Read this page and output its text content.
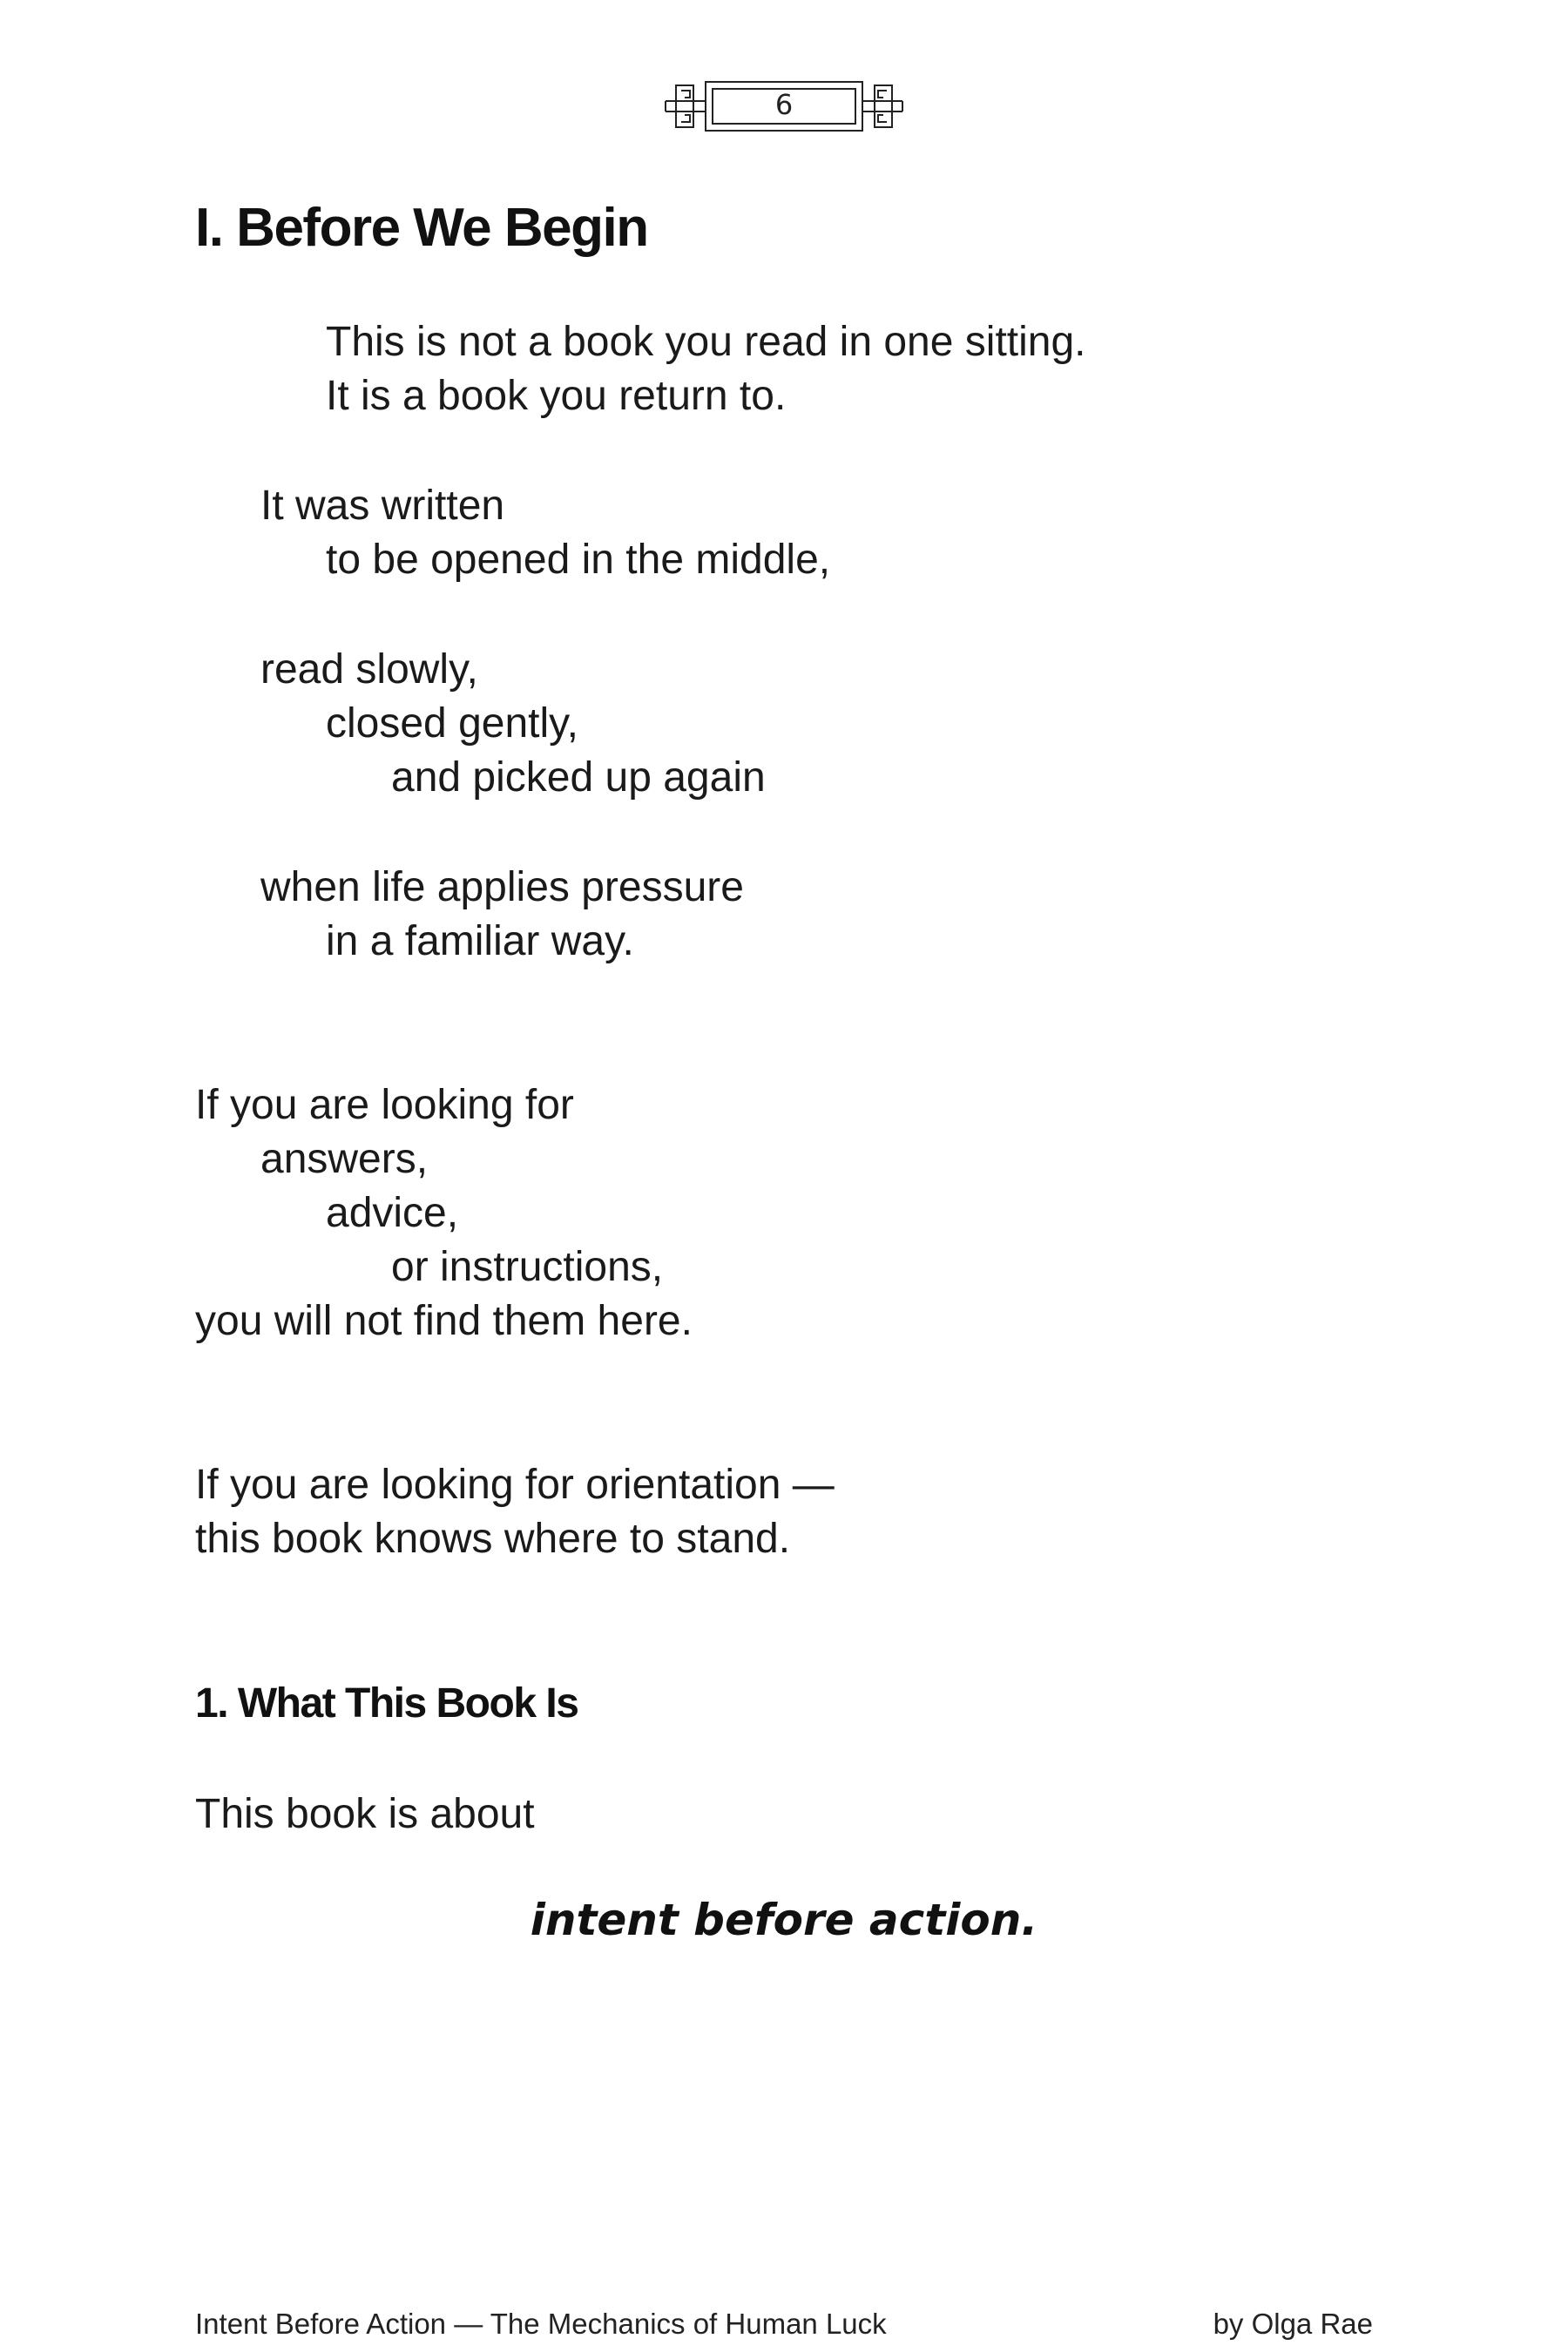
6
I. Before We Begin

This is not a book you read in one sitting.

It is a book you return to.

It was written

to be opened in the middle,

read slowly,

closed gently,

and picked up again

when life applies pressure

in a familiar way.

If you are looking for

answers,

advice,

or instructions,

you will not find them here.

If you are looking for orientation —

this book knows where to stand.

1. What This Book Is

This book is about

intent before action.

Intent Before Action — The Mechanics of Human Luck	by Olga Rae
